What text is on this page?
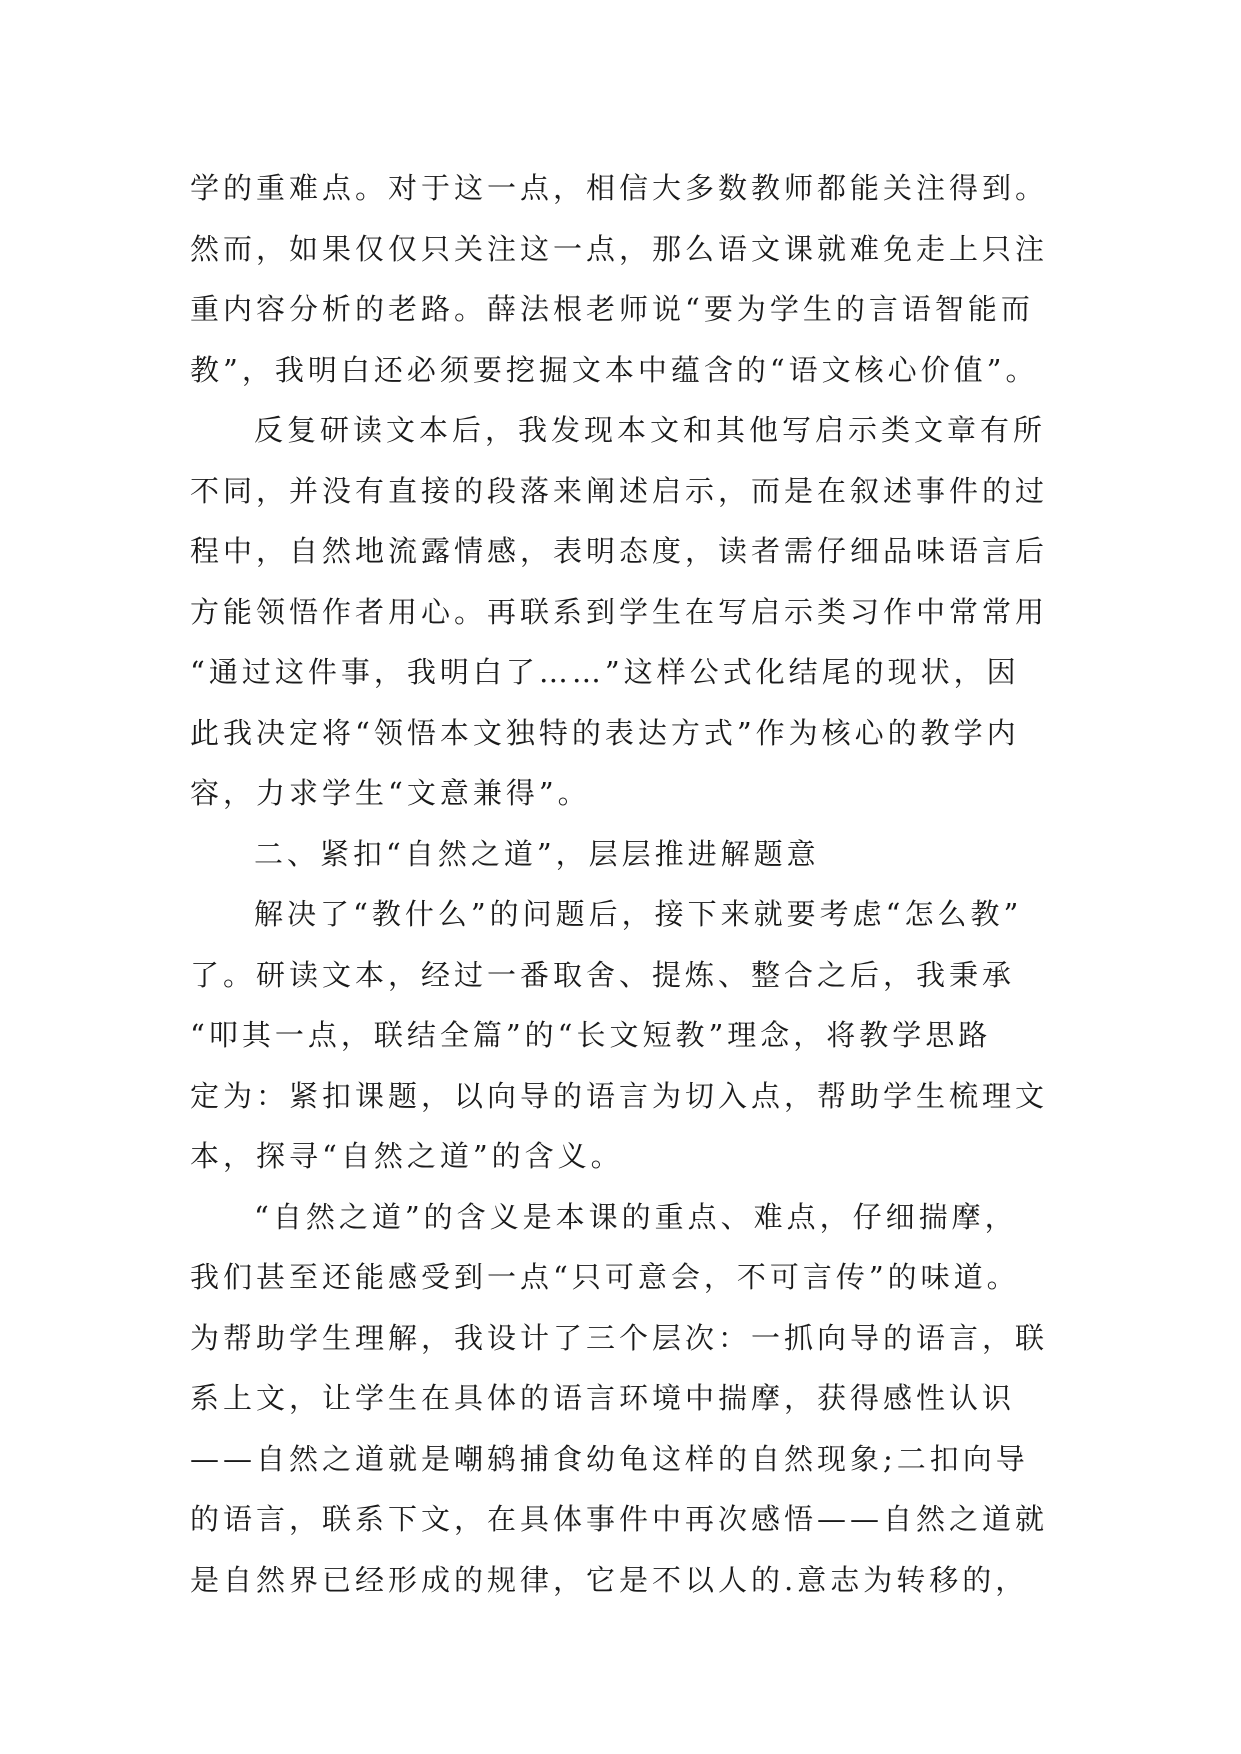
学的重难点。对于这一点，相信大多数教师都能关注得到。
然而，如果仅仅只关注这一点，那么语文课就难免走上只注
重内容分析的老路。薛法根老师说“要为学生的言语智能而
教”，我明白还必须要挖掘文本中蕴含的“语文核心价值”。
反复研读文本后，我发现本文和其他写启示类文章有所
不同，并没有直接的段落来阐述启示，而是在叙述事件的过
程中，自然地流露情感，表明态度，读者需仔细品味语言后
方能领悟作者用心。再联系到学生在写启示类习作中常常用
“通过这件事，我明白了……”这样公式化结尾的现状，因
此我决定将“领悟本文独特的表达方式”作为核心的教学内
容，力求学生“文意兼得”。
二、紧扣“自然之道”，层层推进解题意
解决了“教什么”的问题后，接下来就要考虑“怎么教”
了。研读文本，经过一番取舍、提炼、整合之后，我秉承
“叩其一点，联结全篇”的“长文短教”理念，将教学思路
定为：紧扣课题，以向导的语言为切入点，帮助学生梳理文
本，探寻“自然之道”的含义。
“自然之道”的含义是本课的重点、难点，仔细揣摩，
我们甚至还能感受到一点“只可意会，不可言传”的味道。
为帮助学生理解，我设计了三个层次：一抓向导的语言，联
系上文，让学生在具体的语言环境中揣摩，获得感性认识
——自然之道就是嘲鸫捕食幼龟这样的自然现象;二扣向导
的语言，联系下文，在具体事件中再次感悟——自然之道就
是自然界已经形成的规律，它是不以人的.意志为转移的，
